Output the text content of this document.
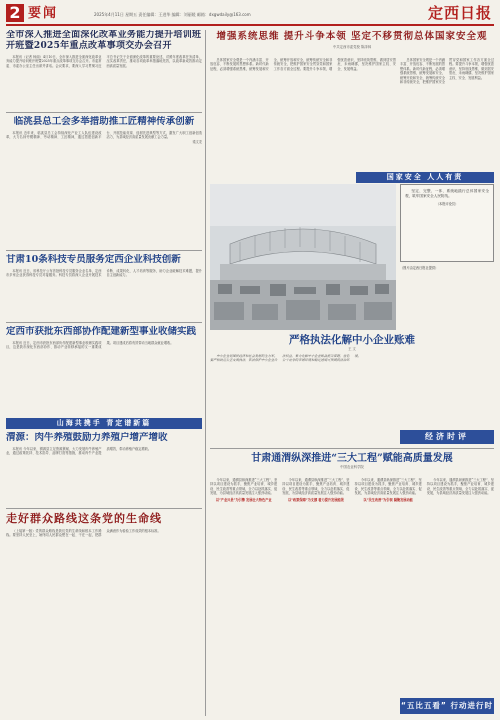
2 要闻	2025年4月11日 星期五 责任编辑：王进华 编辑：刘丽媛 邮箱：dxgwdaily@163.com	定西日报
全市深入推进全面深化改革业务能力提升培训班开班暨2025年重点改革事项交办会召开

本报讯（记者 杨丽）4月10日，全市深入推进全面深化改革业务能力提升培训班开班暨2025年重点改革事项交办会召开。市委常委、市委办公室主任出席并讲话。会议要求，要深入学习贯彻习近平总书记关于全面深化改革的重要论述，对照年度改革任务清单，压实改革责任，推动各项改革举措落地见效，以改革新成效推动定西高质量发展。

临洮县总工会多举措助推工匠精神传承创新

本报讯 近年来，临洮县总工会持续深化产业工人队伍建设改革，大力弘扬劳模精神、劳动精神、工匠精神，通过搭建创新平台、开展技能竞赛、选树先进典型等方式，激发广大职工创新创造活力，为县域经济高质量发展贡献工会力量。

梁文龙

甘肃10条科技专员服务定西企业科技创新

本报讯 近日，省科技厅公布首批科技专员服务企业名单，定西市多家企业获得科技专员对接服务。科技专员将深入企业开展技术诊断、成果转化、人才培育等服务，助力企业破解技术难题，提升自主创新能力。

定西市获批东西部协作配建新型事业收储实践

本报讯 近日，定西市获批东西部协作配建新型事业收储实践项目，这是我市深化东西部协作、推动产业转移承接的又一重要成果。项目建成后将有效带动当地群众就业增收。

山海共携手 青定谱新篇
渭源：肉牛养殖鼓励力养殖户增产增收

本报讯 今年以来，渭源县立足资源禀赋，大力发展肉牛养殖产业，通过政策扶持、技术指导、品牌打造等措施，推动肉牛产业提质增效，带动养殖户稳定增收。

走好群众路线这条党的生命线

（上接第一版）党的群众路线是我们党的生命线和根本工作路线。要坚持人民至上，始终同人民群众想在一起、干在一起，把群众满意作为检验工作成效的根本标准。

增强系统思维 提升斗争本领 坚定不移贯彻总体国家安全观
中共定西市委党校 陈泽林

总体国家安全观是一个内涵丰富、开放包容、不断发展的思想体系。新时代新征程，必须增强系统思维，统筹发展和安全，统筹开放和安全，统筹传统安全和非传统安全，把维护国家安全贯穿党和国家工作各方面全过程。要提升斗争本领，增强忧患意识，坚持底线思维，做到居安思危、未雨绸缪，坚决维护国家主权、安全、发展利益。

总体国家安全观是一个内涵丰富、开放包容、不断发展的思想体系。新时代新征程，必须增强系统思维，统筹发展和安全，统筹开放和安全，统筹传统安全和非传统安全，把维护国家安全贯穿党和国家工作各方面全过程。要提升斗争本领，增强忧患意识，坚持底线思维，做到居安思危、未雨绸缪，坚决维护国家主权、安全、发展利益。

坚定、完整、一体、系统地践行总体国家安全观，筑牢国家安全人民防线。

（本报评论员）
（图片由定西日报社提供）
国家安全 人人有责
严格执法化解中小企业账难
王 文

中小企业是国民经济和社会发展的生力军。要严格规范公正文明执法，依法保护中小企业合法权益，着力化解中小企业账款拖欠难题，营造公平竞争的市场环境和稳定透明可预期的法治环境。

经济时评
甘肃通渭纵深推进“三大工程”赋能高质量发展
中国农业科学院

今年以来，通渭县纵深推进“三大工程”，坚持以项目建设为抓手，聚焦产业培育、城乡建设、民生改善等重点领域，全力以赴抓落实、促发展，为县域经济高质量发展注入强劲动能。

以“产业兴县”为引擎 发展壮大特色产业

今年以来，通渭县纵深推进“三大工程”，坚持以项目建设为抓手，聚焦产业培育、城乡建设、民生改善等重点领域，全力以赴抓落实、促发展，为县域经济高质量发展注入强劲动能。

以“政策保障”为支撑 着力提升发展能级

今年以来，通渭县纵深推进“三大工程”，坚持以项目建设为抓手，聚焦产业培育、城乡建设、民生改善等重点领域，全力以赴抓落实、促发展，为县域经济高质量发展注入强劲动能。

以“民生改善”为引领 凝聚发展动能

今年以来，通渭县纵深推进“三大工程”，坚持以项目建设为抓手，聚焦产业培育、城乡建设、民生改善等重点领域，全力以赴抓落实、促发展，为县域经济高质量发展注入强劲动能。

“五比五看” 行动进行时
